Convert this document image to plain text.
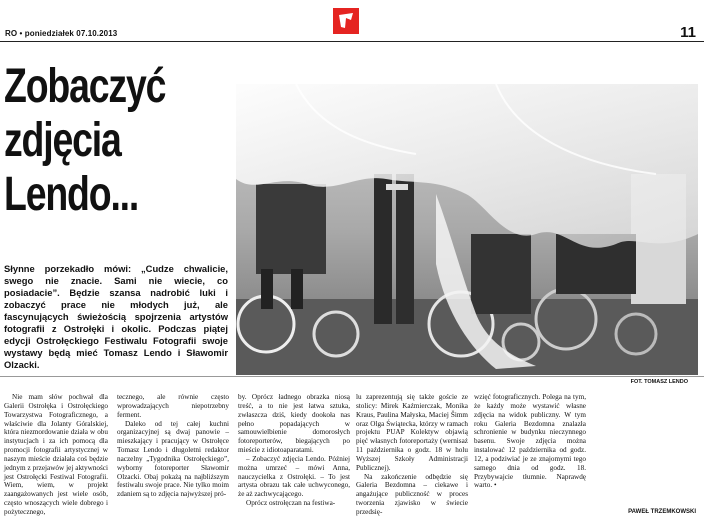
RO • poniedziałek 07.10.2013	11
Zobaczyć
zdjęcia
Lendo...
Słynne porzekadło mówi: „Cudze chwalicie, swego nie znacie. Sami nie wiecie, co posiadacie”. Będzie szansa nadrobić luki i zobaczyć prace nie młodych już, ale fascynujących świeżością spojrzenia artystów fotografii z Ostrołęki i okolic. Podczas piątej edycji Ostrołęckiego Festiwalu Fotografii swoje wystawy będą mieć Tomasz Lendo i Sławomir Olzacki.
FOT. TOMASZ LENDO

Nie mam słów pochwał dla Galerii Ostrołęka i Ostrołęckiego Towarzystwa Fotograficznego, a właściwie dla Jolanty Góralskiej, która niezmordowanie działa w obu instytucjach i za ich pomocą dla promocji fotografii artystycznej w naszym mieście działała coś będzie jednym z przejawów jej aktywności jest Ostrołęcki Festiwal Fotografii. Wiem, wiem, w projekt zaangażowanych jest wiele osób, często wnoszących wiele dobrego i pożytecznego,

tecznego, ale równie często wprowadzających niepotrzebny ferment.

Daleko od tej całej kuchni organizacyjnej są dwaj panowie – mieszkający i pracujący w Ostrołęce Tomasz Lendo i długoletni redaktor naczelny „Tygodnika Ostrołęckiego”, wyborny fotoreporter Sławomir Olzacki. Obaj pokażą na najbliższym festiwalu swoje prace. Nie tylko moim zdaniem są to zdjęcia najwyższej pró-

by. Oprócz ładnego obrazka niosą treść, a to nie jest łatwa sztuka, zwłaszcza dziś, kiedy dookoła nas pełno popadających w samouwielbienie domorosłych fotoreporterów, biegających po mieście z idiotoaparatami.

– Zobaczyć zdjęcia Lendo. Później można umrzeć – mówi Anna, nauczycielka z Ostrołęki. – To jest artysta obrazu tak całe uchwyconego, że aż zachwycającego.

Oprócz ostrołęczan na festiwa-

lu zaprezentują się także goście ze stolicy: Mirek Kaźmierczak, Monika Kraus, Paulina Małyska, Maciej Šimm oraz Olga Świątecka, którzy w ramach projektu PUAP Kolektyw objawią pięć własnych fotoreportaży (wernisaż 11 października o godz. 18 w holu Wyższej Szkoły Administracji Publicznej).

Na zakończenie odbędzie się Galeria Bezdomna – ciekawe i angażujące publiczność w proces tworzenia zjawisko w świecie przedsię-

wzięć fotograficznych. Polega na tym, że każdy może wystawić własne zdjęcia na widok publiczny. W tym roku Galeria Bezdomna znalazła schronienie w budynku nieczynnego basenu. Swoje zdjęcia można instalować 12 października od godz. 12, a podziwiać je ze znajomymi tego samego dnia od godz. 18. Przybywajcie tłumnie. Naprawdę warto. •

PAWEŁ TRZEMKOWSKI
